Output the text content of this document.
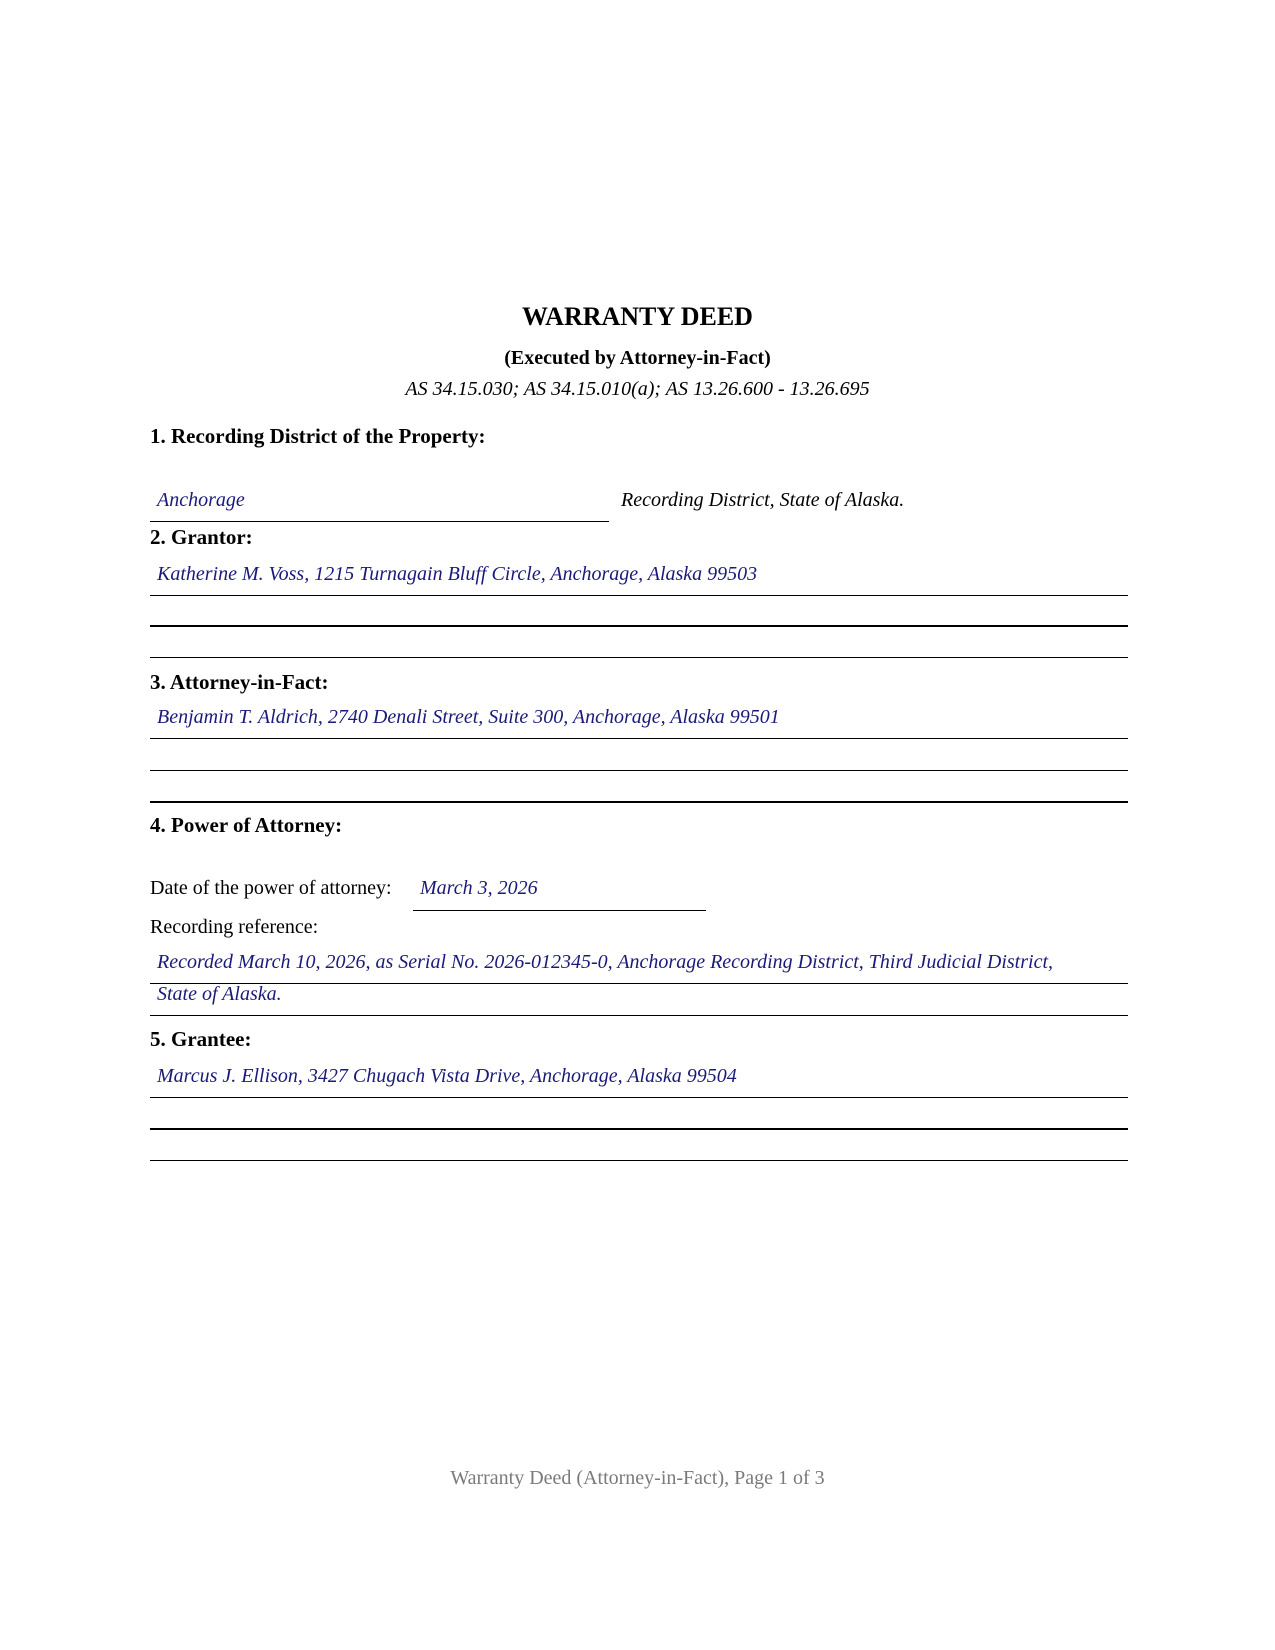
WARRANTY DEED
(Executed by Attorney-in-Fact)
AS 34.15.030; AS 34.15.010(a); AS 13.26.600 - 13.26.695
1. Recording District of the Property:
Anchorage	Recording District, State of Alaska.
2. Grantor:
Katherine M. Voss, 1215 Turnagain Bluff Circle, Anchorage, Alaska 99503
3. Attorney-in-Fact:
Benjamin T. Aldrich, 2740 Denali Street, Suite 300, Anchorage, Alaska 99501
4. Power of Attorney:
Date of the power of attorney: March 3, 2026
Recording reference:
Recorded March 10, 2026, as Serial No. 2026-012345-0, Anchorage Recording District, Third Judicial District,
State of Alaska.
5. Grantee:
Marcus J. Ellison, 3427 Chugach Vista Drive, Anchorage, Alaska 99504
Warranty Deed (Attorney-in-Fact), Page 1 of 3
